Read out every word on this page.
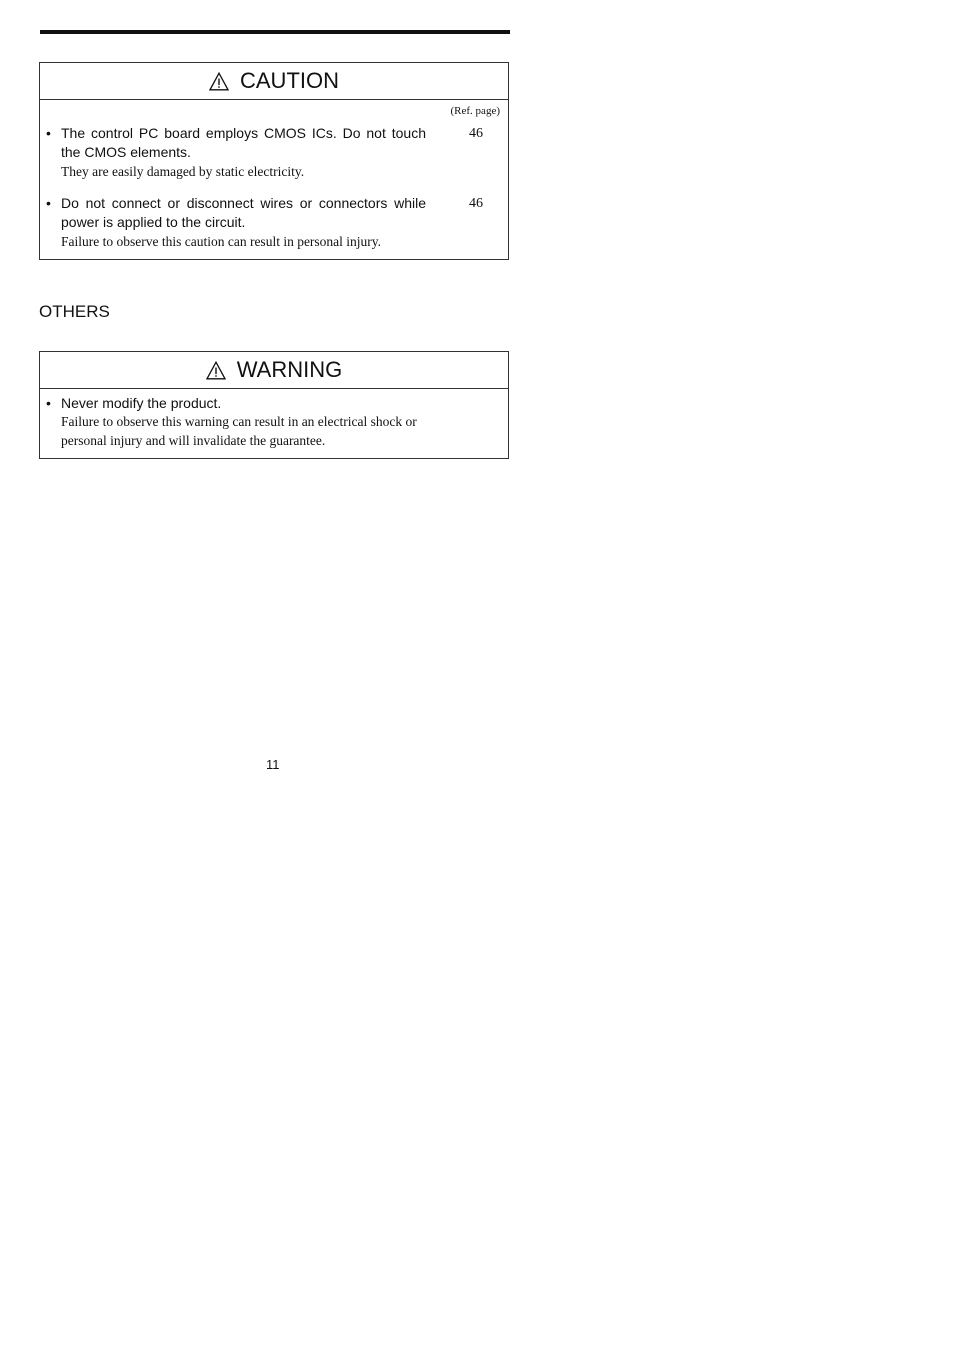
CAUTION
(Ref. page)
• The control PC board employs CMOS ICs. Do not touch the CMOS elements.
They are easily damaged by static electricity.
46
• Do not connect or disconnect wires or connectors while power is applied to the circuit.
Failure to observe this caution can result in personal injury.
46
OTHERS
WARNING
• Never modify the product.
Failure to observe this warning can result in an electrical shock or personal injury and will invalidate the guarantee.
11
